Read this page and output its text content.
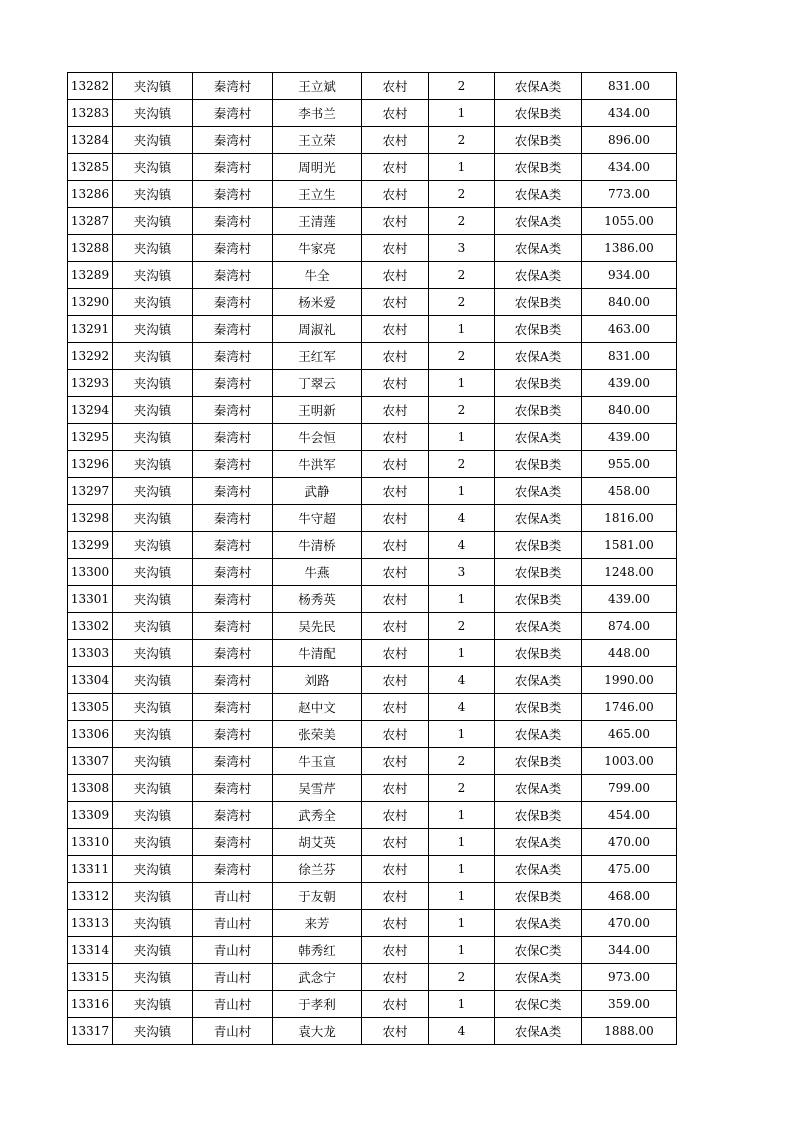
13282	夹沟镇	秦湾村	王立斌	农村	2	农保A类	831.00
13283	夹沟镇	秦湾村	李书兰	农村	1	农保B类	434.00
13284	夹沟镇	秦湾村	王立荣	农村	2	农保B类	896.00
13285	夹沟镇	秦湾村	周明光	农村	1	农保B类	434.00
13286	夹沟镇	秦湾村	王立生	农村	2	农保A类	773.00
13287	夹沟镇	秦湾村	王清莲	农村	2	农保A类	1055.00
13288	夹沟镇	秦湾村	牛家亮	农村	3	农保A类	1386.00
13289	夹沟镇	秦湾村	牛全	农村	2	农保A类	934.00
13290	夹沟镇	秦湾村	杨米爱	农村	2	农保B类	840.00
13291	夹沟镇	秦湾村	周淑礼	农村	1	农保B类	463.00
13292	夹沟镇	秦湾村	王红军	农村	2	农保A类	831.00
13293	夹沟镇	秦湾村	丁翠云	农村	1	农保B类	439.00
13294	夹沟镇	秦湾村	王明新	农村	2	农保B类	840.00
13295	夹沟镇	秦湾村	牛会恒	农村	1	农保A类	439.00
13296	夹沟镇	秦湾村	牛洪军	农村	2	农保B类	955.00
13297	夹沟镇	秦湾村	武静	农村	1	农保A类	458.00
13298	夹沟镇	秦湾村	牛守超	农村	4	农保A类	1816.00
13299	夹沟镇	秦湾村	牛清桥	农村	4	农保B类	1581.00
13300	夹沟镇	秦湾村	牛燕	农村	3	农保B类	1248.00
13301	夹沟镇	秦湾村	杨秀英	农村	1	农保B类	439.00
13302	夹沟镇	秦湾村	吴先民	农村	2	农保A类	874.00
13303	夹沟镇	秦湾村	牛清配	农村	1	农保B类	448.00
13304	夹沟镇	秦湾村	刘路	农村	4	农保A类	1990.00
13305	夹沟镇	秦湾村	赵中文	农村	4	农保B类	1746.00
13306	夹沟镇	秦湾村	张荣美	农村	1	农保A类	465.00
13307	夹沟镇	秦湾村	牛玉宣	农村	2	农保B类	1003.00
13308	夹沟镇	秦湾村	吴雪芹	农村	2	农保A类	799.00
13309	夹沟镇	秦湾村	武秀全	农村	1	农保B类	454.00
13310	夹沟镇	秦湾村	胡艾英	农村	1	农保A类	470.00
13311	夹沟镇	秦湾村	徐兰芬	农村	1	农保A类	475.00
13312	夹沟镇	青山村	于友朝	农村	1	农保B类	468.00
13313	夹沟镇	青山村	来芳	农村	1	农保A类	470.00
13314	夹沟镇	青山村	韩秀红	农村	1	农保C类	344.00
13315	夹沟镇	青山村	武念宁	农村	2	农保A类	973.00
13316	夹沟镇	青山村	于孝利	农村	1	农保C类	359.00
13317	夹沟镇	青山村	袁大龙	农村	4	农保A类	1888.00
